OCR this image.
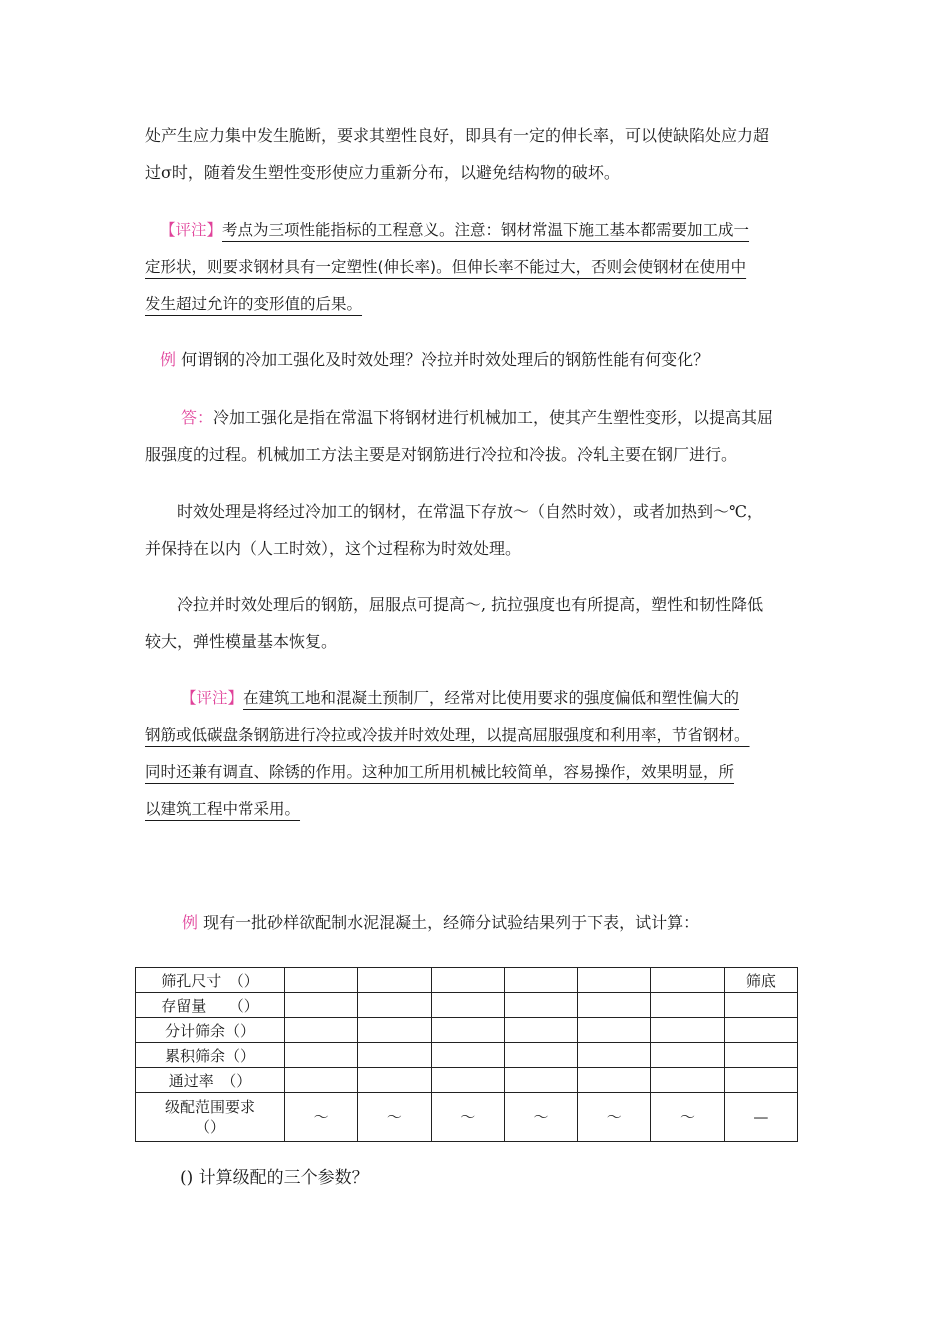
处产生应力集中发生脆断，要求其塑性良好，即具有一定的伸长率，可以使缺陷处应力超
过σ时，随着发生塑性变形使应力重新分布，以避免结构物的破坏。

【评注】考点为三项性能指标的工程意义。注意：钢材常温下施工基本都需要加工成一
定形状，则要求钢材具有一定塑性(伸长率)。但伸长率不能过大，否则会使钢材在使用中
发生超过允许的变形值的后果。

例 何谓钢的冷加工强化及时效处理？冷拉并时效处理后的钢筋性能有何变化？

答：冷加工强化是指在常温下将钢材进行机械加工，使其产生塑性变形，以提高其屈
服强度的过程。机械加工方法主要是对钢筋进行冷拉和冷拔。冷轧主要在钢厂进行。

时效处理是将经过冷加工的钢材，在常温下存放～（自然时效），或者加热到～℃，
并保持在以内（人工时效），这个过程称为时效处理。

冷拉并时效处理后的钢筋，屈服点可提高～, 抗拉强度也有所提高，塑性和韧性降低
较大，弹性模量基本恢复。

【评注】在建筑工地和混凝土预制厂，经常对比使用要求的强度偏低和塑性偏大的
钢筋或低碳盘条钢筋进行冷拉或冷拔并时效处理，以提高屈服强度和利用率，节省钢材。
同时还兼有调直、除锈的作用。这种加工所用机械比较简单，容易操作，效果明显，所
以建筑工程中常采用。

例 现有一批砂样欲配制水泥混凝土，经筛分试验结果列于下表，试计算：

筛孔尺寸　（）							筛底
存留量　　（）							
分计筛余（）							
累积筛余（）							
通过率　（）							
级配范围要求
（）	～	～	～	～	～	～	—
() 计算级配的三个参数？
